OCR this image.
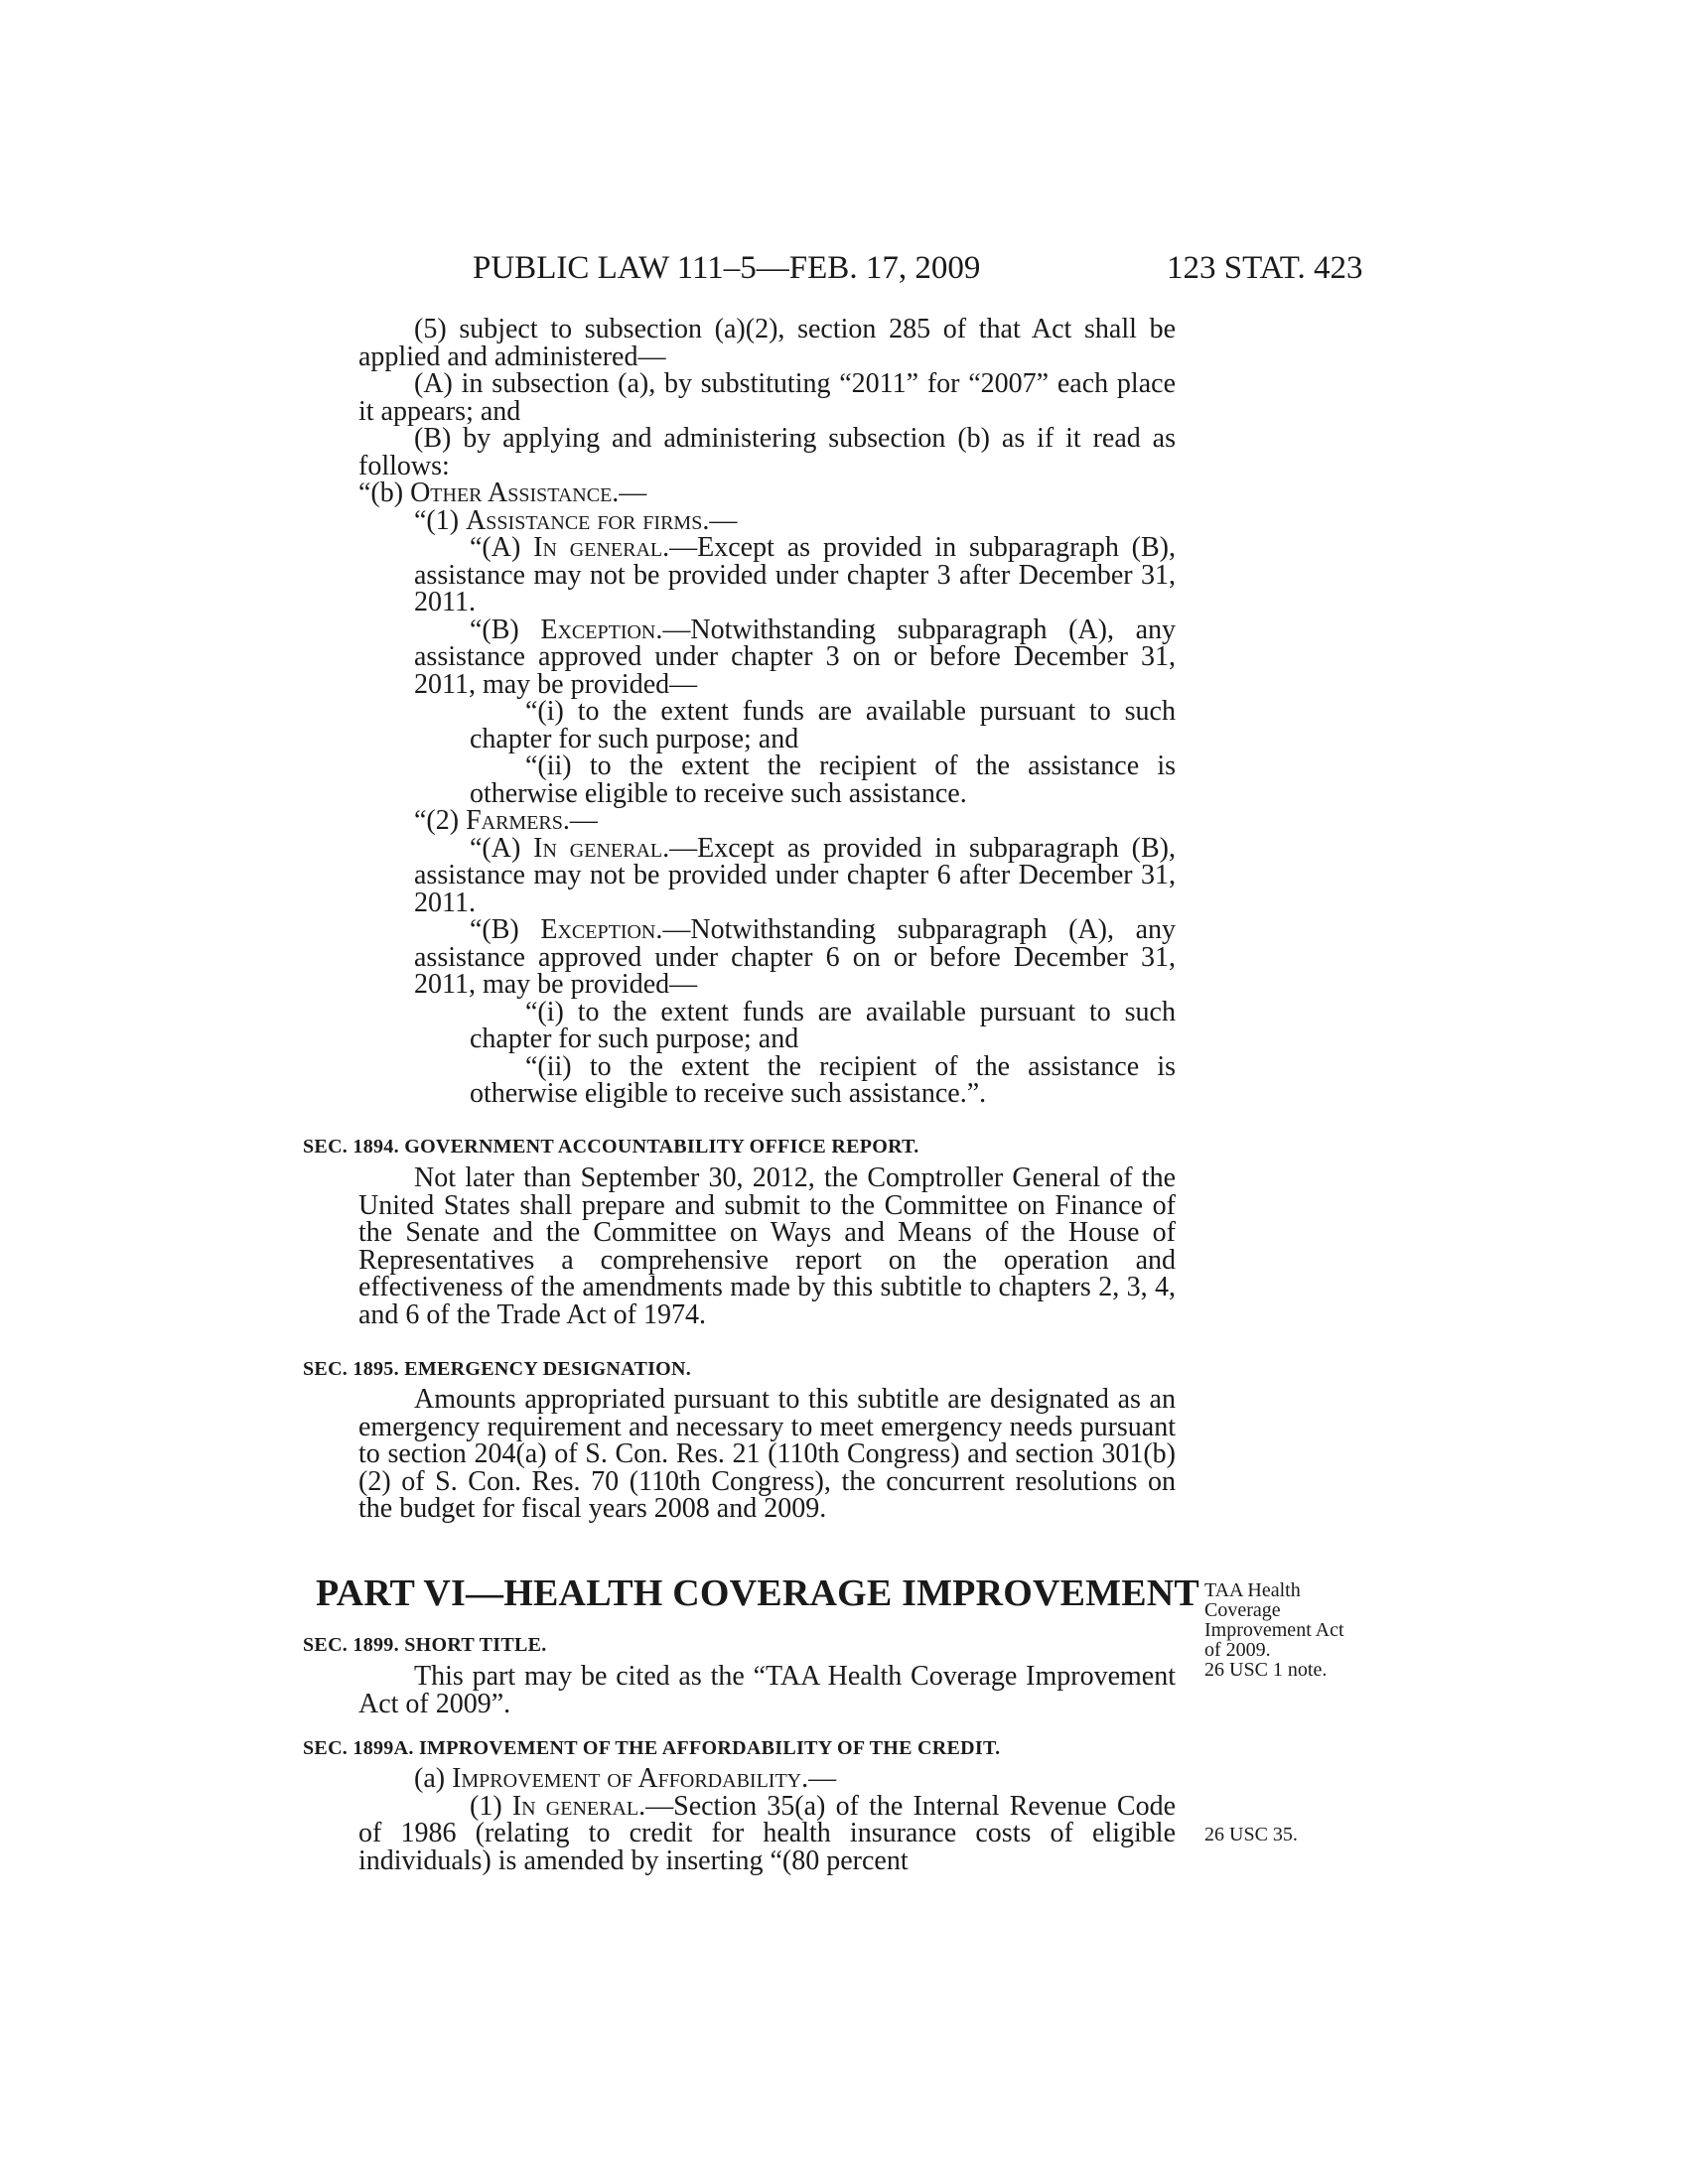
PUBLIC LAW 111–5—FEB. 17, 2009	123 STAT. 423

(5) subject to subsection (a)(2), section 285 of that Act shall be applied and administered—

(A) in subsection (a), by substituting “2011” for “2007” each place it appears; and

(B) by applying and administering subsection (b) as if it read as follows:

“(b) Other Assistance.—

“(1) Assistance for firms.—

“(A) In general.—Except as provided in subparagraph (B), assistance may not be provided under chapter 3 after December 31, 2011.

“(B) Exception.—Notwithstanding subparagraph (A), any assistance approved under chapter 3 on or before December 31, 2011, may be provided—

“(i) to the extent funds are available pursuant to such chapter for such purpose; and

“(ii) to the extent the recipient of the assistance is otherwise eligible to receive such assistance.

“(2) Farmers.—

“(A) In general.—Except as provided in subparagraph (B), assistance may not be provided under chapter 6 after December 31, 2011.

“(B) Exception.—Notwithstanding subparagraph (A), any assistance approved under chapter 6 on or before December 31, 2011, may be provided—

“(i) to the extent funds are available pursuant to such chapter for such purpose; and

“(ii) to the extent the recipient of the assistance is otherwise eligible to receive such assistance.”.

SEC. 1894. GOVERNMENT ACCOUNTABILITY OFFICE REPORT.

Not later than September 30, 2012, the Comptroller General of the United States shall prepare and submit to the Committee on Finance of the Senate and the Committee on Ways and Means of the House of Representatives a comprehensive report on the operation and effectiveness of the amendments made by this subtitle to chapters 2, 3, 4, and 6 of the Trade Act of 1974.

SEC. 1895. EMERGENCY DESIGNATION.

Amounts appropriated pursuant to this subtitle are designated as an emergency requirement and necessary to meet emergency needs pursuant to section 204(a) of S. Con. Res. 21 (110th Congress) and section 301(b)(2) of S. Con. Res. 70 (110th Congress), the concurrent resolutions on the budget for fiscal years 2008 and 2009.

PART VI—HEALTH COVERAGE IMPROVEMENT
SEC. 1899. SHORT TITLE.

This part may be cited as the “TAA Health Coverage Improvement Act of 2009”.

SEC. 1899A. IMPROVEMENT OF THE AFFORDABILITY OF THE CREDIT.

(a) Improvement of Affordability.—

(1) In general.—Section 35(a) of the Internal Revenue Code of 1986 (relating to credit for health insurance costs of eligible individuals) is amended by inserting “(80 percent

TAA Health
Coverage
Improvement Act
of 2009.
26 USC 1 note.
26 USC 35.
